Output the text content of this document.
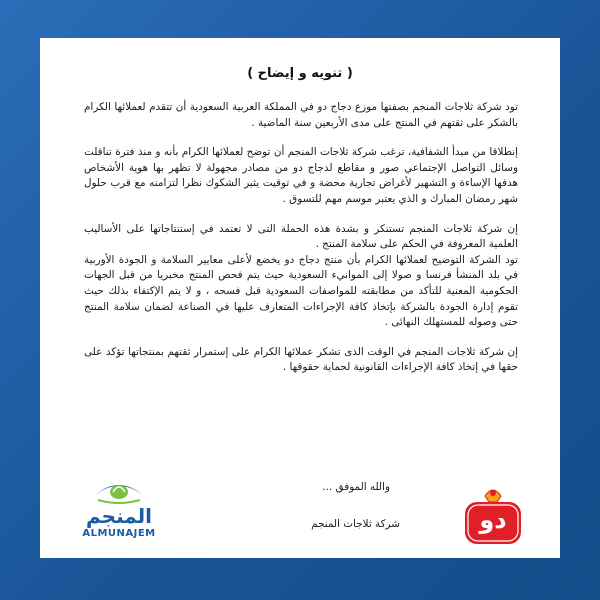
( تنويه و إيضاح )

تود شركة ثلاجات المنجم بصفتها موزع دجاج دو في المملكة العربية السعودية أن تتقدم لعملائها الكرام بالشكر على ثقتهم في المنتج على مدى الأربعين سنة الماضية .

إنطلاقا من مبدأ الشفافية، ترغب شركة ثلاجات المنجم أن توضح لعملائها الكرام بأنه و منذ فترة تناقلت وسائل التواصل الإجتماعي صور و مقاطع لدجاج دو من مصادر مجهولة لا تظهر بها هوية الأشخاص هدفها الإساءة و التشهير لأغراض تجارية محضة و في توقيت يثير الشكوك نظرا لتزامنه مع قرب حلول شهر رمضان المبارك و الذي يعتبر موسم مهم للتسوق .

إن شركة ثلاجات المنجم تستنكر و بشدة هذه الحملة التى لا تعتمد في إستنتاجاتها على الأساليب العلمية المعروفة في الحكم على سلامة المنتج .

تود الشركة التوضيح لعملائها الكرام بأن منتج دجاج دو يخضع لأعلى معايير السلامة و الجودة الأوربية في بلد المنشأ فرنسا و صولا إلى الموانيء السعودية حيث يتم فحص المنتج مخبريا من قبل الجهات الحكومية المعنية للتأكد من مطابقته للمواصفات السعودية قبل فسحه ، و لا يتم الإكتفاء بذلك حيث تقوم إدارة الجودة بالشركة بإتخاذ كافة الإجراءات المتعارف عليها في الصناعة لضمان سلامة المنتج حتى وصوله للمستهلك النهائى .

إن شركة ثلاجات المنجم في الوقت الذى تشكر عملائها الكرام على إستمرار ثقتهم بمنتجاتها تؤكد على حقها في إتخاذ كافة الإجراءات القانونية لحماية حقوقها .

والله الموفق ...
شركة ثلاجات المنجم
المنجم
ALMUNAJEM	دو
